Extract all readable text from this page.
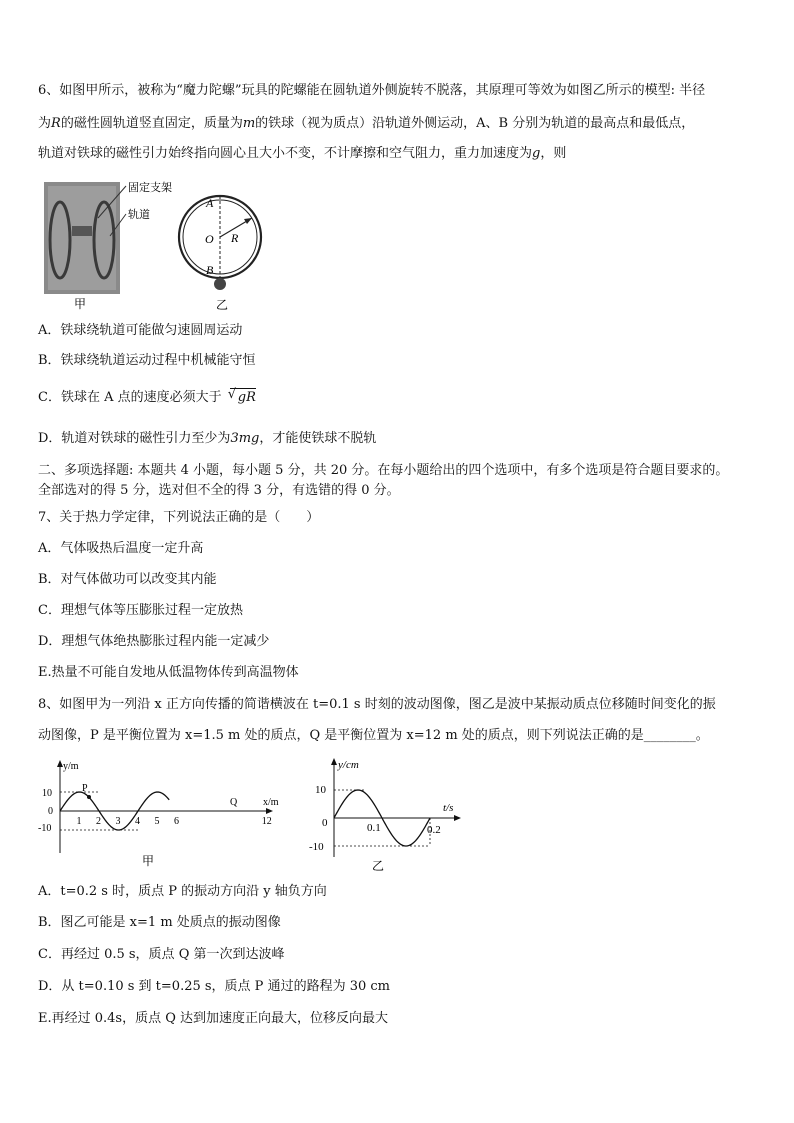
6、如图甲所示，被称为“魔力陀螺”玩具的陀螺能在圆轨道外侧旋转不脱落，其原理可等效为如图乙所示的模型: 半径
为R的磁性圆轨道竖直固定，质量为m的铁球（视为质点）沿轨道外侧运动，A、B 分别为轨道的最高点和最低点，
轨道对铁球的磁性引力始终指向圆心且大小不变，不计摩擦和空气阻力，重力加速度为g，则
固定支架
轨道
甲
A
O R
B
乙
A．铁球绕轨道可能做匀速圆周运动
B．铁球绕轨道运动过程中机械能守恒
C．铁球在 A 点的速度必须大于 √ gR
D．轨道对铁球的磁性引力至少为3mg，才能使铁球不脱轨
二、多项选择题: 本题共 4 小题，每小题 5 分，共 20 分。在每小题给出的四个选项中，有多个选项是符合题目要求的。
全部选对的得 5 分，选对但不全的得 3 分，有选错的得 0 分。
7、关于热力学定律，下列说法正确的是（　　）
A．气体吸热后温度一定升高
B．对气体做功可以改变其内能
C．理想气体等压膨胀过程一定放热
D．理想气体绝热膨胀过程内能一定减少
E.热量不可能自发地从低温物体传到高温物体
8、如图甲为一列沿 x 正方向传播的简谐横波在 t=0.1 s 时刻的波动图像，图乙是波中某振动质点位移随时间变化的振
动图像，P 是平衡位置为 x=1.5 m 处的质点，Q 是平衡位置为 x=12 m 处的质点，则下列说法正确的是________。
y/m
x/m
10
0
-10
1 2 3 4 5 6	12
P
Q
甲
y/cm
t/s
10
0
-10
0.1	0.2
乙
A．t=0.2 s 时，质点 P 的振动方向沿 y 轴负方向
B．图乙可能是 x=1 m 处质点的振动图像
C．再经过 0.5 s，质点 Q 第一次到达波峰
D．从 t=0.10 s 到 t=0.25 s，质点 P 通过的路程为 30 cm
E.再经过 0.4s，质点 Q 达到加速度正向最大，位移反向最大
